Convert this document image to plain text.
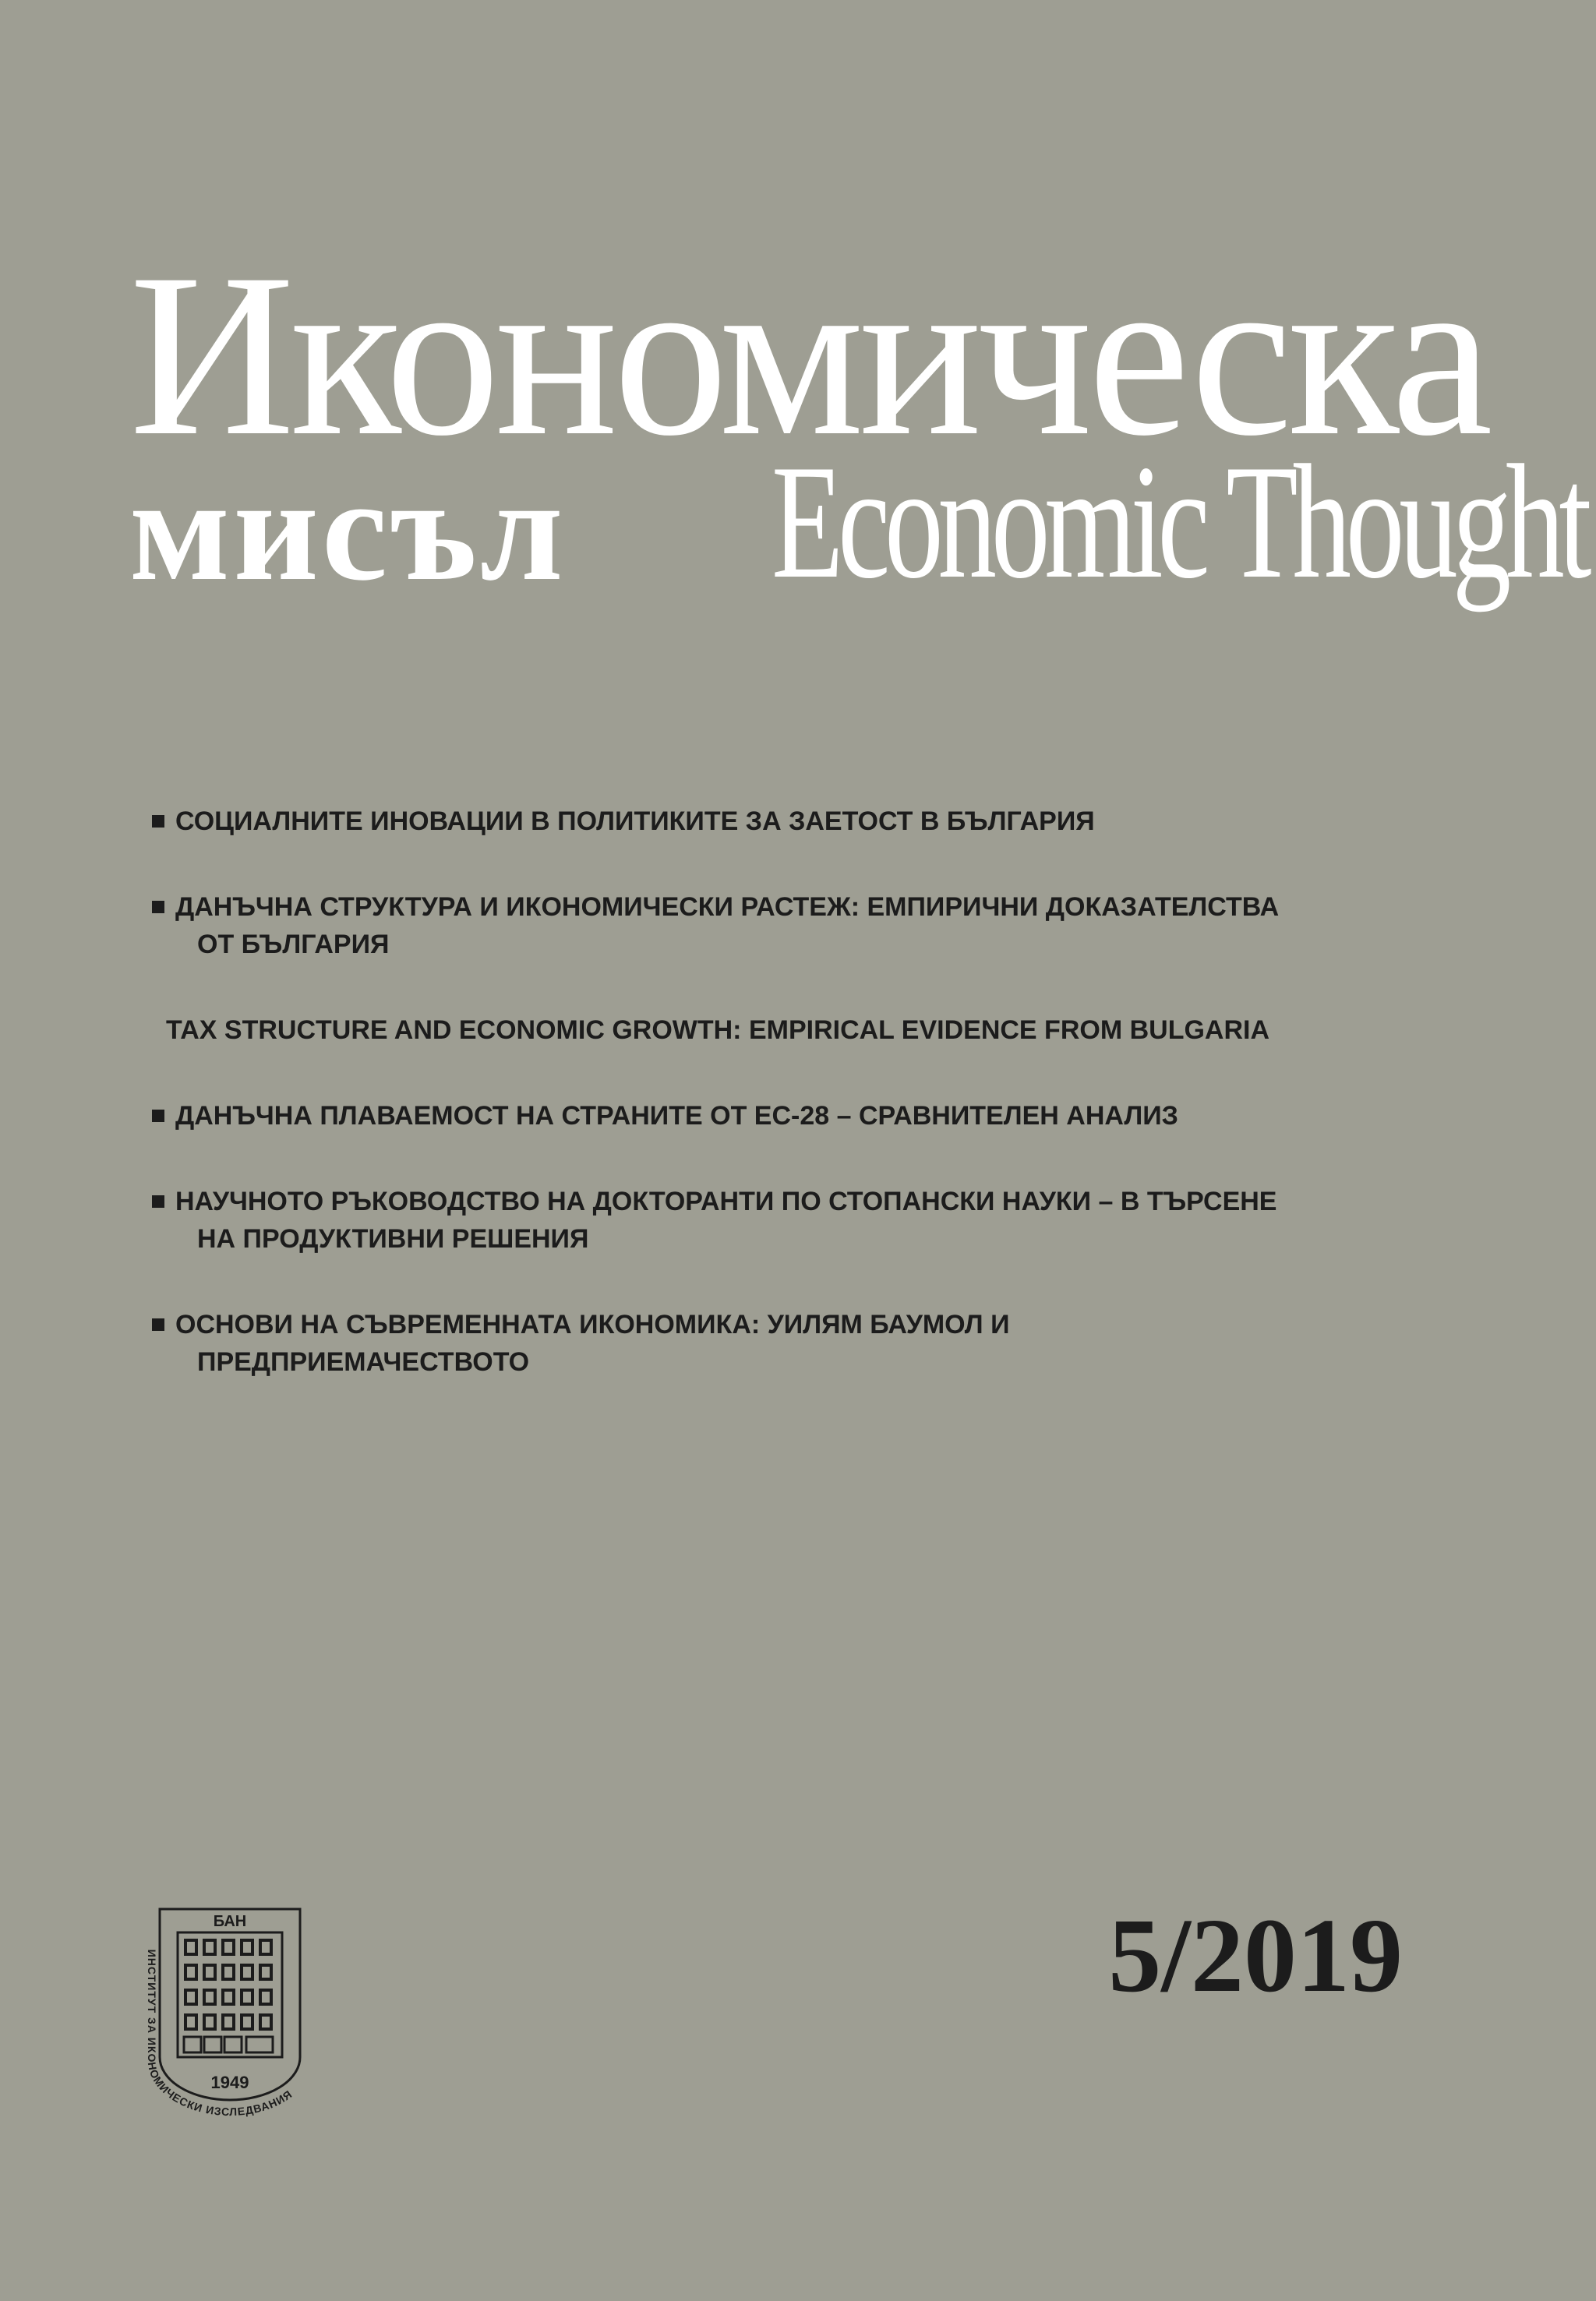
Икономическа
мисъл	Economic Thought
СОЦИАЛНИТЕ ИНОВАЦИИ В ПОЛИТИКИТЕ ЗА ЗАЕТОСТ В БЪЛГАРИЯ
ДАНЪЧНА СТРУКТУРА И ИКОНОМИЧЕСКИ РАСТЕЖ: ЕМПИРИЧНИ ДОКАЗАТЕЛСТВА
ОТ БЪЛГАРИЯ
TAX STRUCTURE AND ECONOMIC GROWTH: EMPIRICAL EVIDENCE FROM BULGARIA
ДАНЪЧНА ПЛАВАЕМОСТ НА СТРАНИТЕ ОТ ЕС-28 – СРАВНИТЕЛЕН АНАЛИЗ
НАУЧНОТО РЪКОВОДСТВО НА ДОКТОРАНТИ ПО СТОПАНСКИ НАУКИ – В ТЪРСЕНЕ
НА ПРОДУКТИВНИ РЕШЕНИЯ
ОСНОВИ НА СЪВРЕМЕННАТА ИКОНОМИКА: УИЛЯМ БАУМОЛ И
ПРЕДПРИЕМАЧЕСТВОТО
БАН
ИНСТИТУТ ЗА ИКОНОМИЧЕСКИ ИЗСЛЕДВАНИЯ
1949
5/2019
